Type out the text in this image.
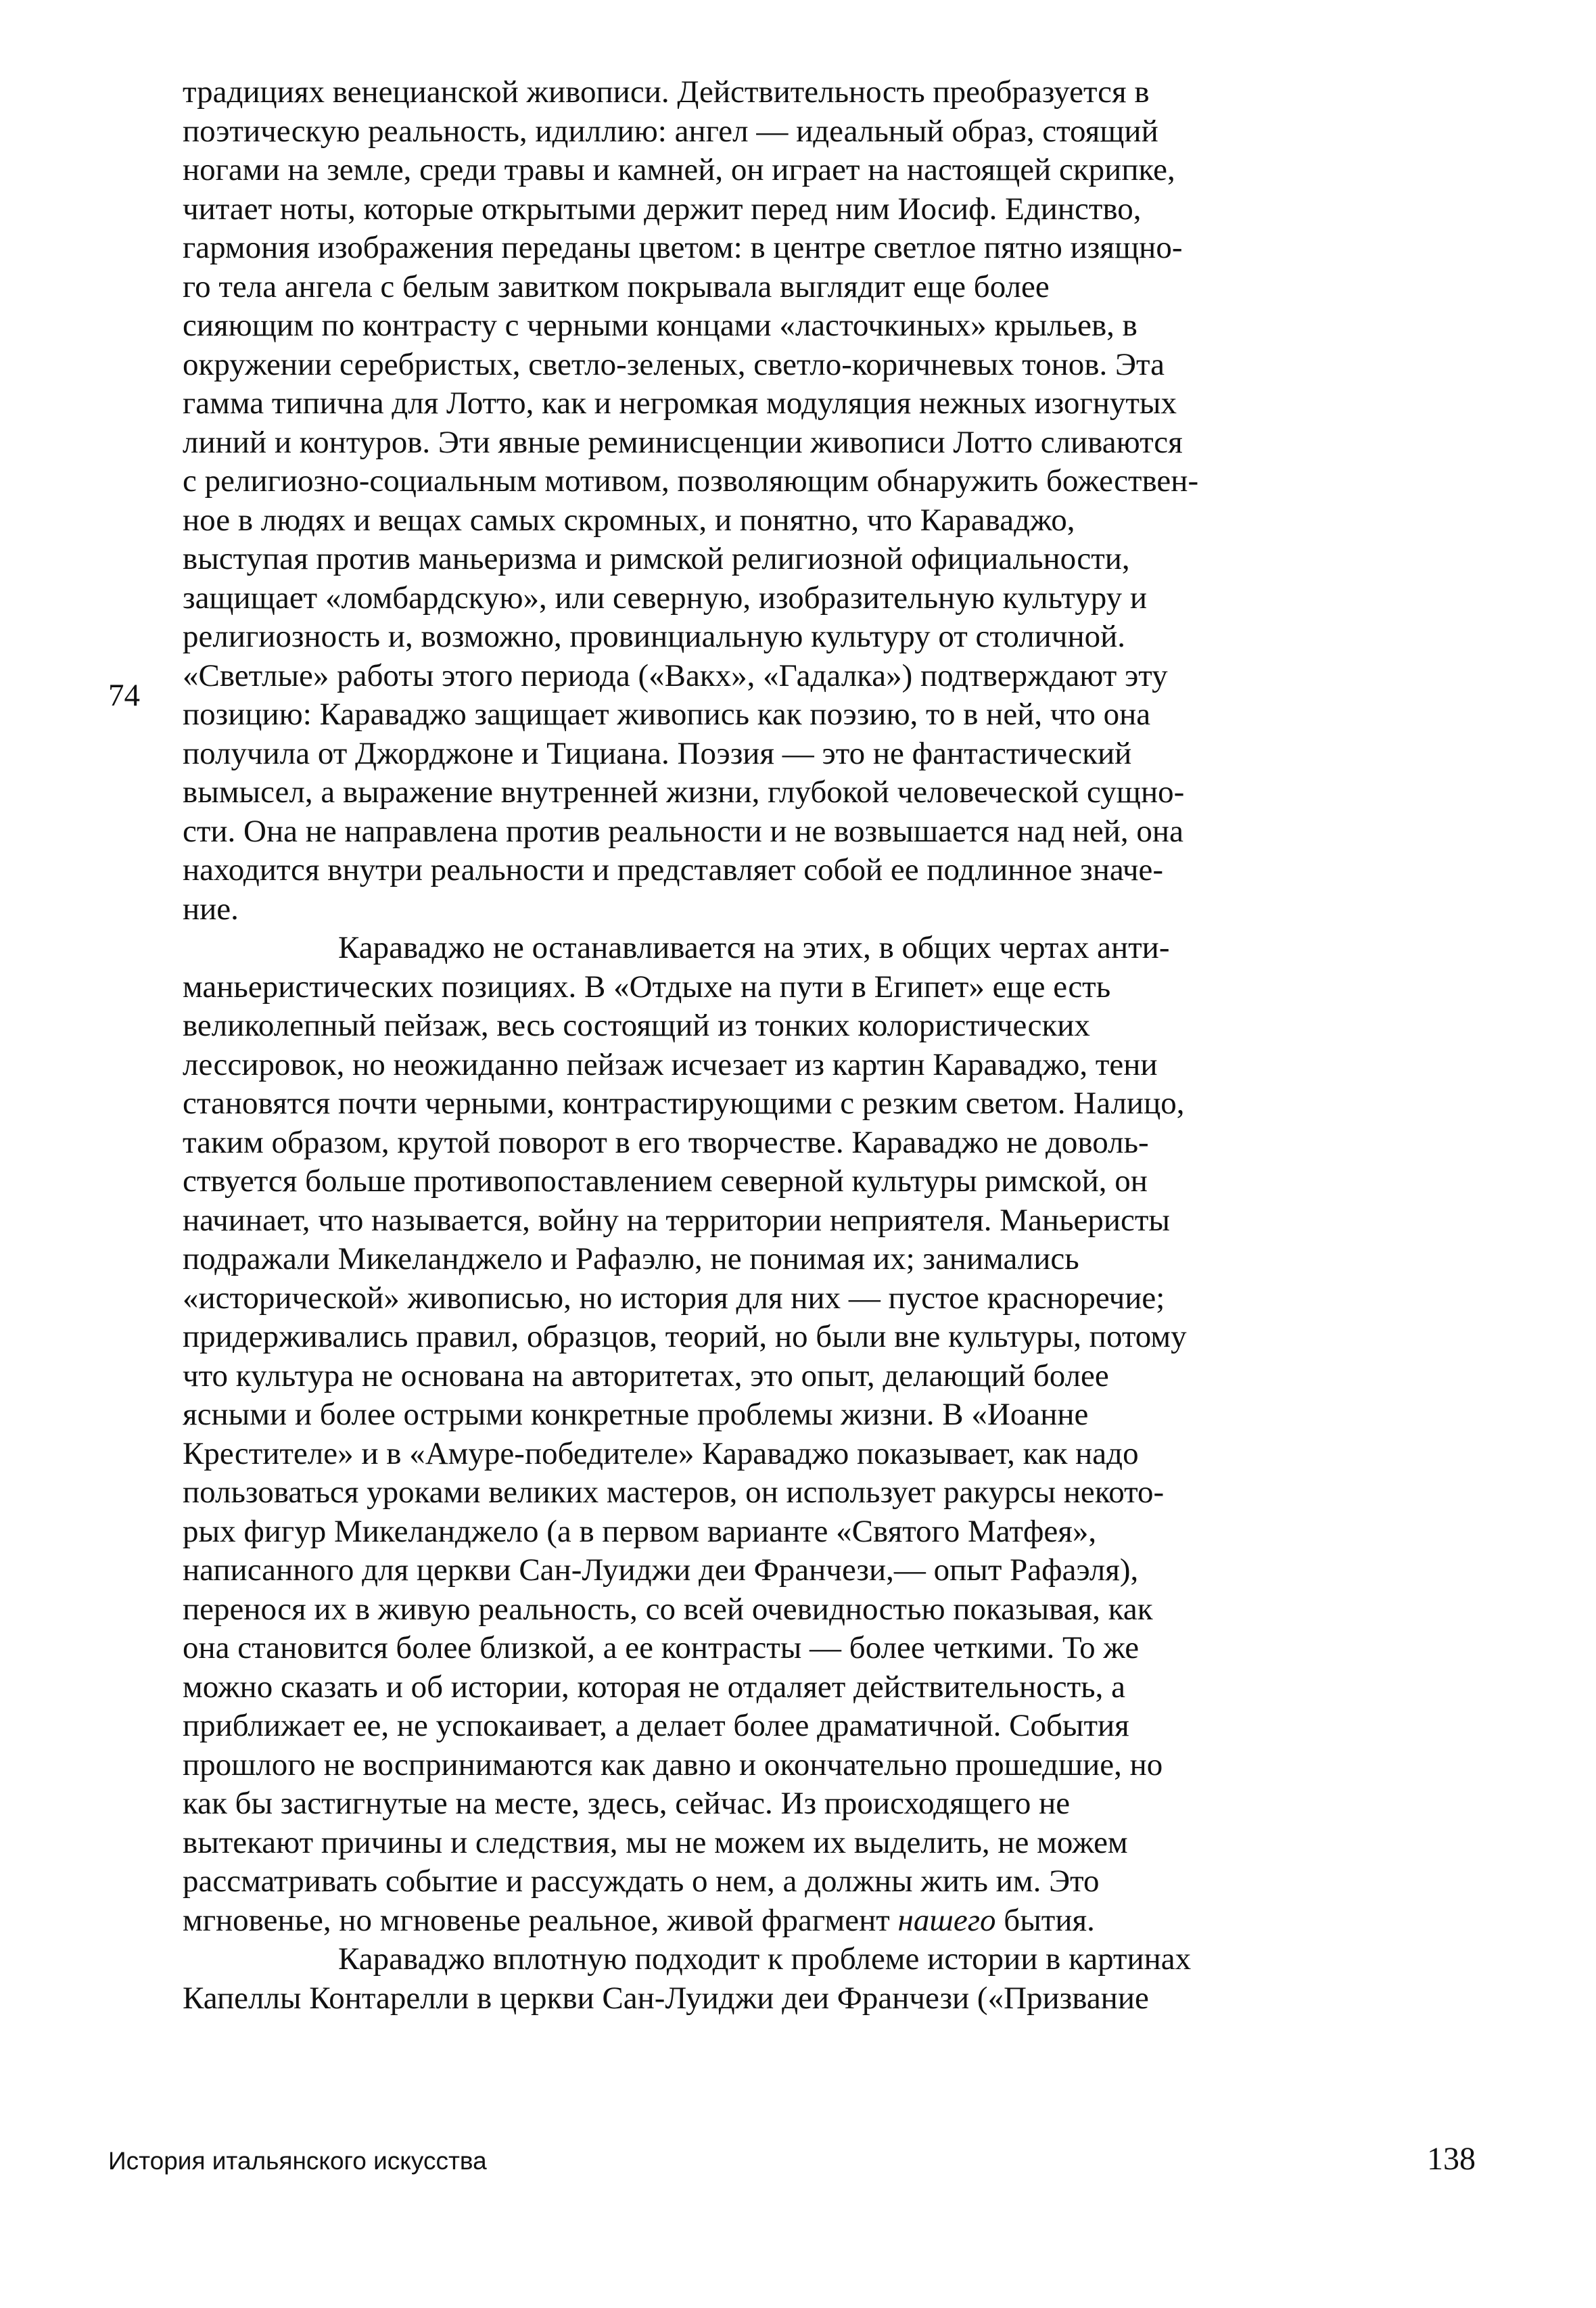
74
традициях венецианской живописи. Действительность преобразуется в
поэтическую реальность, идиллию: ангел — идеальный образ, стоящий
ногами на земле, среди травы и камней, он играет на настоящей скрипке,
читает ноты, которые открытыми держит перед ним Иосиф. Единство,
гармония изображения переданы цветом: в центре светлое пятно изящно-
го тела ангела с белым завитком покрывала выглядит еще более
сияющим по контрасту с черными концами «ласточкиных» крыльев, в
окружении серебристых, светло-зеленых, светло-коричневых тонов. Эта
гамма типична для Лотто, как и негромкая модуляция нежных изогнутых
линий и контуров. Эти явные реминисценции живописи Лотто сливаются
с религиозно-социальным мотивом, позволяющим обнаружить божествен-
ное в людях и вещах самых скромных, и понятно, что Караваджо,
выступая против маньеризма и римской религиозной официальности,
защищает «ломбардскую», или северную, изобразительную культуру и
религиозность и, возможно, провинциальную культуру от столичной.
«Светлые» работы этого периода («Вакх», «Гадалка») подтверждают эту
позицию: Караваджо защищает живопись как поэзию, то в ней, что она
получила от Джорджоне и Тициана. Поэзия — это не фантастический
вымысел, а выражение внутренней жизни, глубокой человеческой сущно-
сти. Она не направлена против реальности и не возвышается над ней, она
находится внутри реальности и представляет собой ее подлинное значе-
ние.
Караваджо не останавливается на этих, в общих чертах анти-
маньеристических позициях. В «Отдыхе на пути в Египет» еще есть
великолепный пейзаж, весь состоящий из тонких колористических
лессировок, но неожиданно пейзаж исчезает из картин Караваджо, тени
становятся почти черными, контрастирующими с резким светом. Налицо,
таким образом, крутой поворот в его творчестве. Караваджо не доволь-
ствуется больше противопоставлением северной культуры римской, он
начинает, что называется, войну на территории неприятеля. Маньеристы
подражали Микеланджело и Рафаэлю, не понимая их; занимались
«исторической» живописью, но история для них — пустое красноречие;
придерживались правил, образцов, теорий, но были вне культуры, потому
что культура не основана на авторитетах, это опыт, делающий более
ясными и более острыми конкретные проблемы жизни. В «Иоанне
Крестителе» и в «Амуре-победителе» Караваджо показывает, как надо
пользоваться уроками великих мастеров, он использует ракурсы некото-
рых фигур Микеланджело (а в первом варианте «Святого Матфея»,
написанного для церкви Сан-Луиджи деи Франчези,— опыт Рафаэля),
перенося их в живую реальность, со всей очевидностью показывая, как
она становится более близкой, а ее контрасты — более четкими. То же
можно сказать и об истории, которая не отдаляет действительность, а
приближает ее, не успокаивает, а делает более драматичной. События
прошлого не воспринимаются как давно и окончательно прошедшие, но
как бы застигнутые на месте, здесь, сейчас. Из происходящего не
вытекают причины и следствия, мы не можем их выделить, не можем
рассматривать событие и рассуждать о нем, а должны жить им. Это
мгновенье, но мгновенье реальное, живой фрагмент нашего бытия.
Караваджо вплотную подходит к проблеме истории в картинах
Капеллы Контарелли в церкви Сан-Луиджи деи Франчези («Призвание
История итальянского искусства	138
